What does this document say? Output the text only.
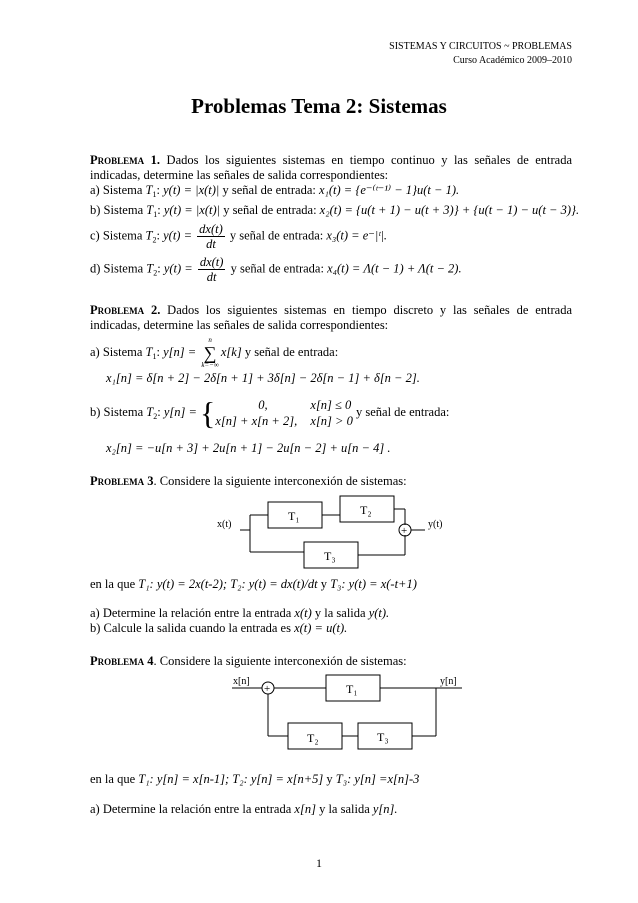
SISTEMAS Y CIRCUITOS ~ PROBLEMAS
Curso Académico 2009–2010
Problemas Tema 2: Sistemas
Problema 1. Dados los siguientes sistemas en tiempo continuo y las señales de entrada indicadas, determine las señales de salida correspondientes:
a) Sistema $T_1$: y(t) = |x(t)| y señal de entrada: x₁(t) = {e⁻⁽ᵗ⁻¹⁾ − 1}u(t − 1).
b) Sistema $T_1$: y(t) = |x(t)| y señal de entrada: x₂(t) = {u(t + 1) − u(t + 3)} + {u(t − 1) − u(t − 3)}.
c) Sistema $T_2$: $y(t) = \frac{dx(t)}{dt}$ y señal de entrada: x₃(t) = e⁻|ᵗ|.
d) Sistema $T_2$: $y(t) = \frac{dx(t)}{dt}$ y señal de entrada: x₄(t) = Λ(t − 1) + Λ(t − 2).
Problema 2. Dados los siguientes sistemas en tiempo discreto y las señales de entrada indicadas, determine las señales de salida correspondientes:
a) Sistema $T_1$: y[n] =
n
∑
k=−∞
x[k] y señal de entrada:
x₁[n] = δ[n + 2] − 2δ[n + 1] + 3δ[n] − 2δ[n − 1] + δ[n − 2].
b) Sistema $T_2$: y[n] = {	0,	x[n] ≤ 0
x[n] + x[n + 2], x[n] > 0
y señal de entrada:
x₂[n] = −u[n + 3] + 2u[n + 1] − 2u[n − 2] + u[n − 4] .
Problema 3. Considere la siguiente interconexión de sistemas:
x(t)	y(t)
T₁	T₂
T₃
+
en la que T₁: y(t) = 2x(t-2); T₂: y(t) = dx(t)/dt y T₃: y(t) = x(-t+1)
a) Determine la relación entre la entrada x(t) y la salida y(t).
b) Calcule la salida cuando la entrada es x(t) = u(t).
Problema 4. Considere la siguiente interconexión de sistemas:
x[n]	y[n]
T₁
T₂	T₃
+
en la que T₁: y[n] = x[n-1]; T₂: y[n] = x[n+5] y T₃: y[n] =x[n]-3
a) Determine la relación entre la entrada x[n] y la salida y[n].
1
